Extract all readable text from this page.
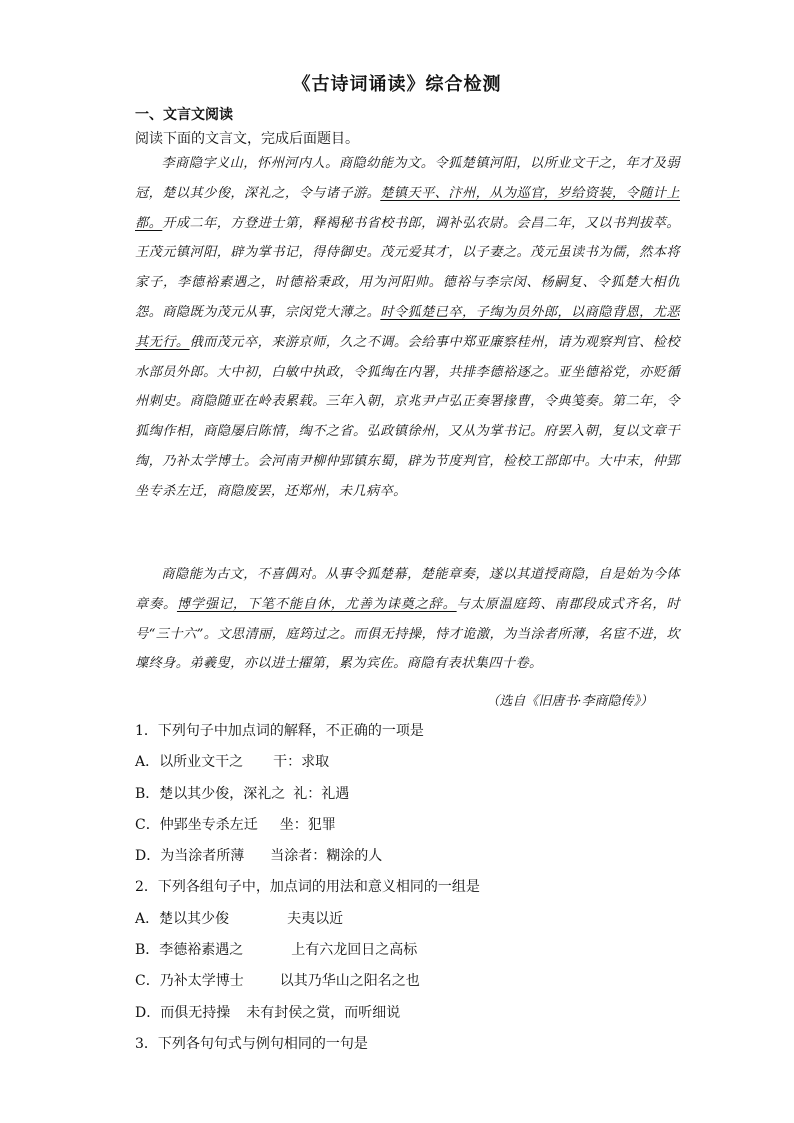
《古诗词诵读》综合检测
一、文言文阅读
阅读下面的文言文，完成后面题目。
李商隐字义山，怀州河内人。商隐幼能为文。令狐楚镇河阳，以所业文干之，年才及弱冠，楚以其少俊，深礼之，令与诸子游。楚镇天平、汴州，从为巡官，岁给资装，令随计上都。开成二年，方登进士第，释褐秘书省校书郎，调补弘农尉。会昌二年，又以书判拔萃。王茂元镇河阳，辟为掌书记，得侍御史。茂元爱其才，以子妻之。茂元虽读书为儒，然本将家子，李德裕素遇之，时德裕秉政，用为河阳帅。德裕与李宗闵、杨嗣复、令狐楚大相仇怨。商隐既为茂元从事，宗闵党大薄之。时令狐楚已卒，子绹为员外郎，以商隐背恩，尤恶其无行。俄而茂元卒，来游京师，久之不调。会给事中郑亚廉察桂州，请为观察判官、检校水部员外郎。大中初，白敏中执政，令狐绹在内署，共排李德裕逐之。亚坐德裕党，亦贬循州刺史。商隐随亚在岭表累载。三年入朝，京兆尹卢弘正奏署掾曹，令典笺奏。第二年，令狐绹作相，商隐屡启陈情，绹不之省。弘政镇徐州，又从为掌书记。府罢入朝，复以文章干绹，乃补太学博士。会河南尹柳仲郢镇东蜀，辟为节度判官，检校工部郎中。大中末，仲郢坐专杀左迁，商隐废罢，还郑州，未几病卒。
商隐能为古文，不喜偶对。从事令狐楚幕，楚能章奏，遂以其道授商隐，自是始为今体章奏。博学强记，下笔不能自休，尤善为诔奠之辞。与太原温庭筠、南郡段成式齐名，时号“三十六”。文思清丽，庭筠过之。而俱无持操，恃才诡激，为当涂者所薄，名宦不进，坎壈终身。弟羲叟，亦以进士擢第，累为宾佐。商隐有表状集四十卷。
（选自《旧唐书·李商隐传》）
1．下列句子中加点词的解释，不正确的一项是
A．以所业文干之 干：求取
B．楚以其少俊，深礼之 礼：礼遇
C．仲郢坐专杀左迁 坐：犯罪
D．为当涂者所薄 当涂者：糊涂的人
2．下列各组句子中，加点词的用法和意义相同的一组是
A．楚以其少俊	夫夷以近
B．李德裕素遇之	上有六龙回日之高标
C．乃补太学博士	以其乃华山之阳名之也
D．而俱无持操 未有封侯之赏，而听细说
3．下列各句句式与例句相同的一句是
